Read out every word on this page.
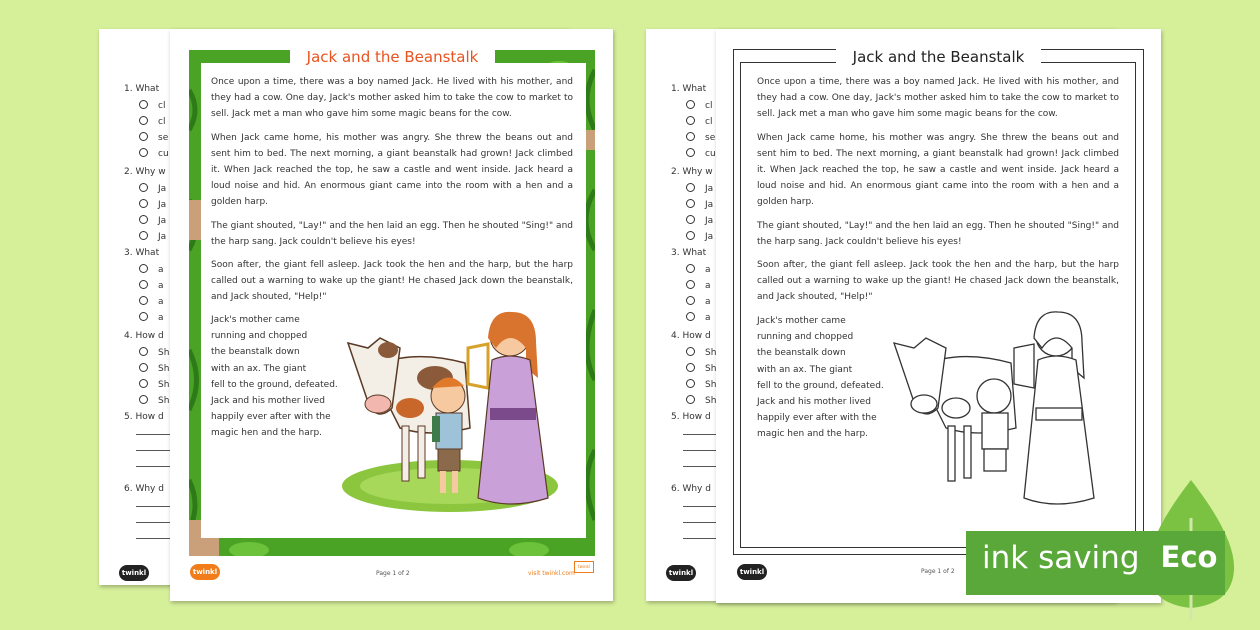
1. What
cl
cl
se
cu
2. Why w
Ja
Ja
Ja
Ja
3. What
a
a
a
a
4. How d
Sh
Sh
Sh
Sh
5. How d
6. Why d
twinkl
Jack and the Beanstalk

Once upon a time, there was a boy named Jack. He lived with his mother, and they had a cow. One day, Jack's mother asked him to take the cow to market to sell. Jack met a man who gave him some magic beans for the cow.

When Jack came home, his mother was angry. She threw the beans out and sent him to bed. The next morning, a giant beanstalk had grown! Jack climbed it. When Jack reached the top, he saw a castle and went inside. Jack heard a loud noise and hid. An enormous giant came into the room with a hen and a golden harp.

The giant shouted, "Lay!" and the hen laid an egg. Then he shouted "Sing!" and the harp sang. Jack couldn't believe his eyes!

Soon after, the giant fell asleep. Jack took the hen and the harp, but the harp called out a warning to wake up the giant! He chased Jack down the beanstalk, and Jack shouted, "Help!"

Jack's mother came
running and chopped
the beanstalk down
with an ax. The giant
fell to the ground, defeated.
Jack and his mother lived
happily ever after with the
magic hen and the harp.
twinkl	Page 1 of 2	visit twinkl.com
twinkl
1. What
cl
cl
se
cu
2. Why w
Ja
Ja
Ja
Ja
3. What
a
a
a
a
4. How d
Sh
Sh
Sh
Sh
5. How d
6. Why d
twinkl
Jack and the Beanstalk

Once upon a time, there was a boy named Jack. He lived with his mother, and they had a cow. One day, Jack's mother asked him to take the cow to market to sell. Jack met a man who gave him some magic beans for the cow.

When Jack came home, his mother was angry. She threw the beans out and sent him to bed. The next morning, a giant beanstalk had grown! Jack climbed it. When Jack reached the top, he saw a castle and went inside. Jack heard a loud noise and hid. An enormous giant came into the room with a hen and a golden harp.

The giant shouted, "Lay!" and the hen laid an egg. Then he shouted "Sing!" and the harp sang. Jack couldn't believe his eyes!

Soon after, the giant fell asleep. Jack took the hen and the harp, but the harp called out a warning to wake up the giant! He chased Jack down the beanstalk, and Jack shouted, "Help!"

Jack's mother came
running and chopped
the beanstalk down
with an ax. The giant
fell to the ground, defeated.
Jack and his mother lived
happily ever after with the
magic hen and the harp.
twinkl	Page 1 of 2 ink saving Eco
